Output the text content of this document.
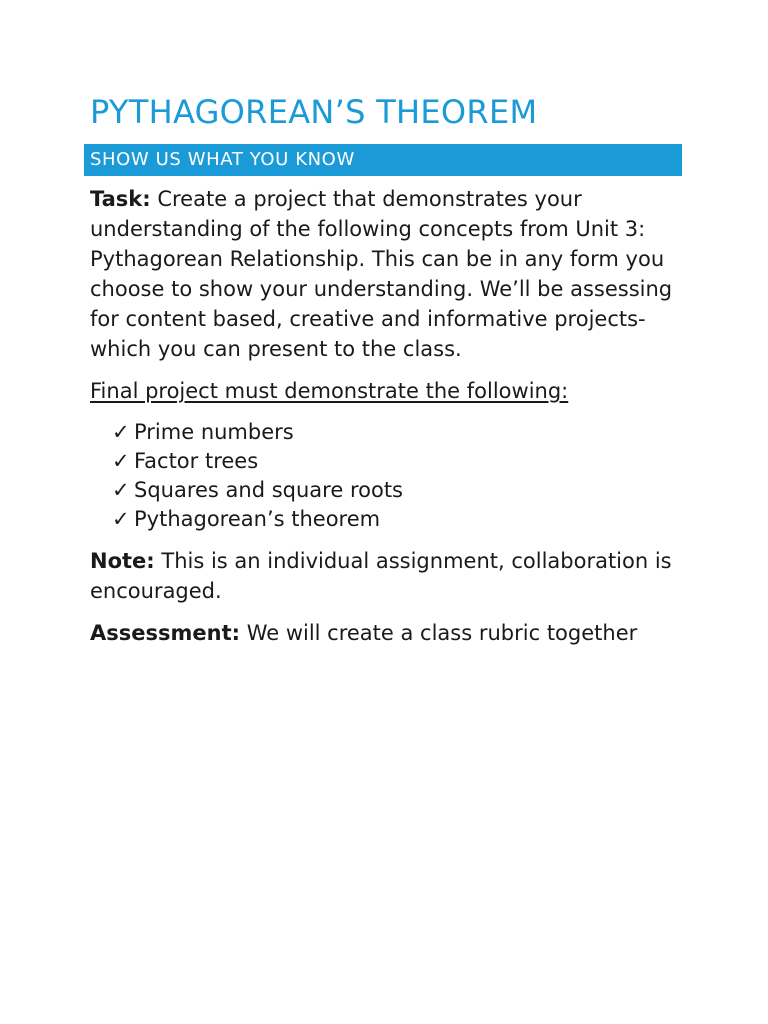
PYTHAGOREAN’S THEOREM
SHOW US WHAT YOU KNOW

Task: Create a project that demonstrates your understanding of the following concepts from Unit 3: Pythagorean Relationship. This can be in any form you choose to show your understanding. We’ll be assessing for content based, creative and informative projects- which you can present to the class.

Final project must demonstrate the following:

✓ Prime numbers
✓ Factor trees
✓ Squares and square roots
✓ Pythagorean’s theorem

Note: This is an individual assignment, collaboration is encouraged.

Assessment: We will create a class rubric together
